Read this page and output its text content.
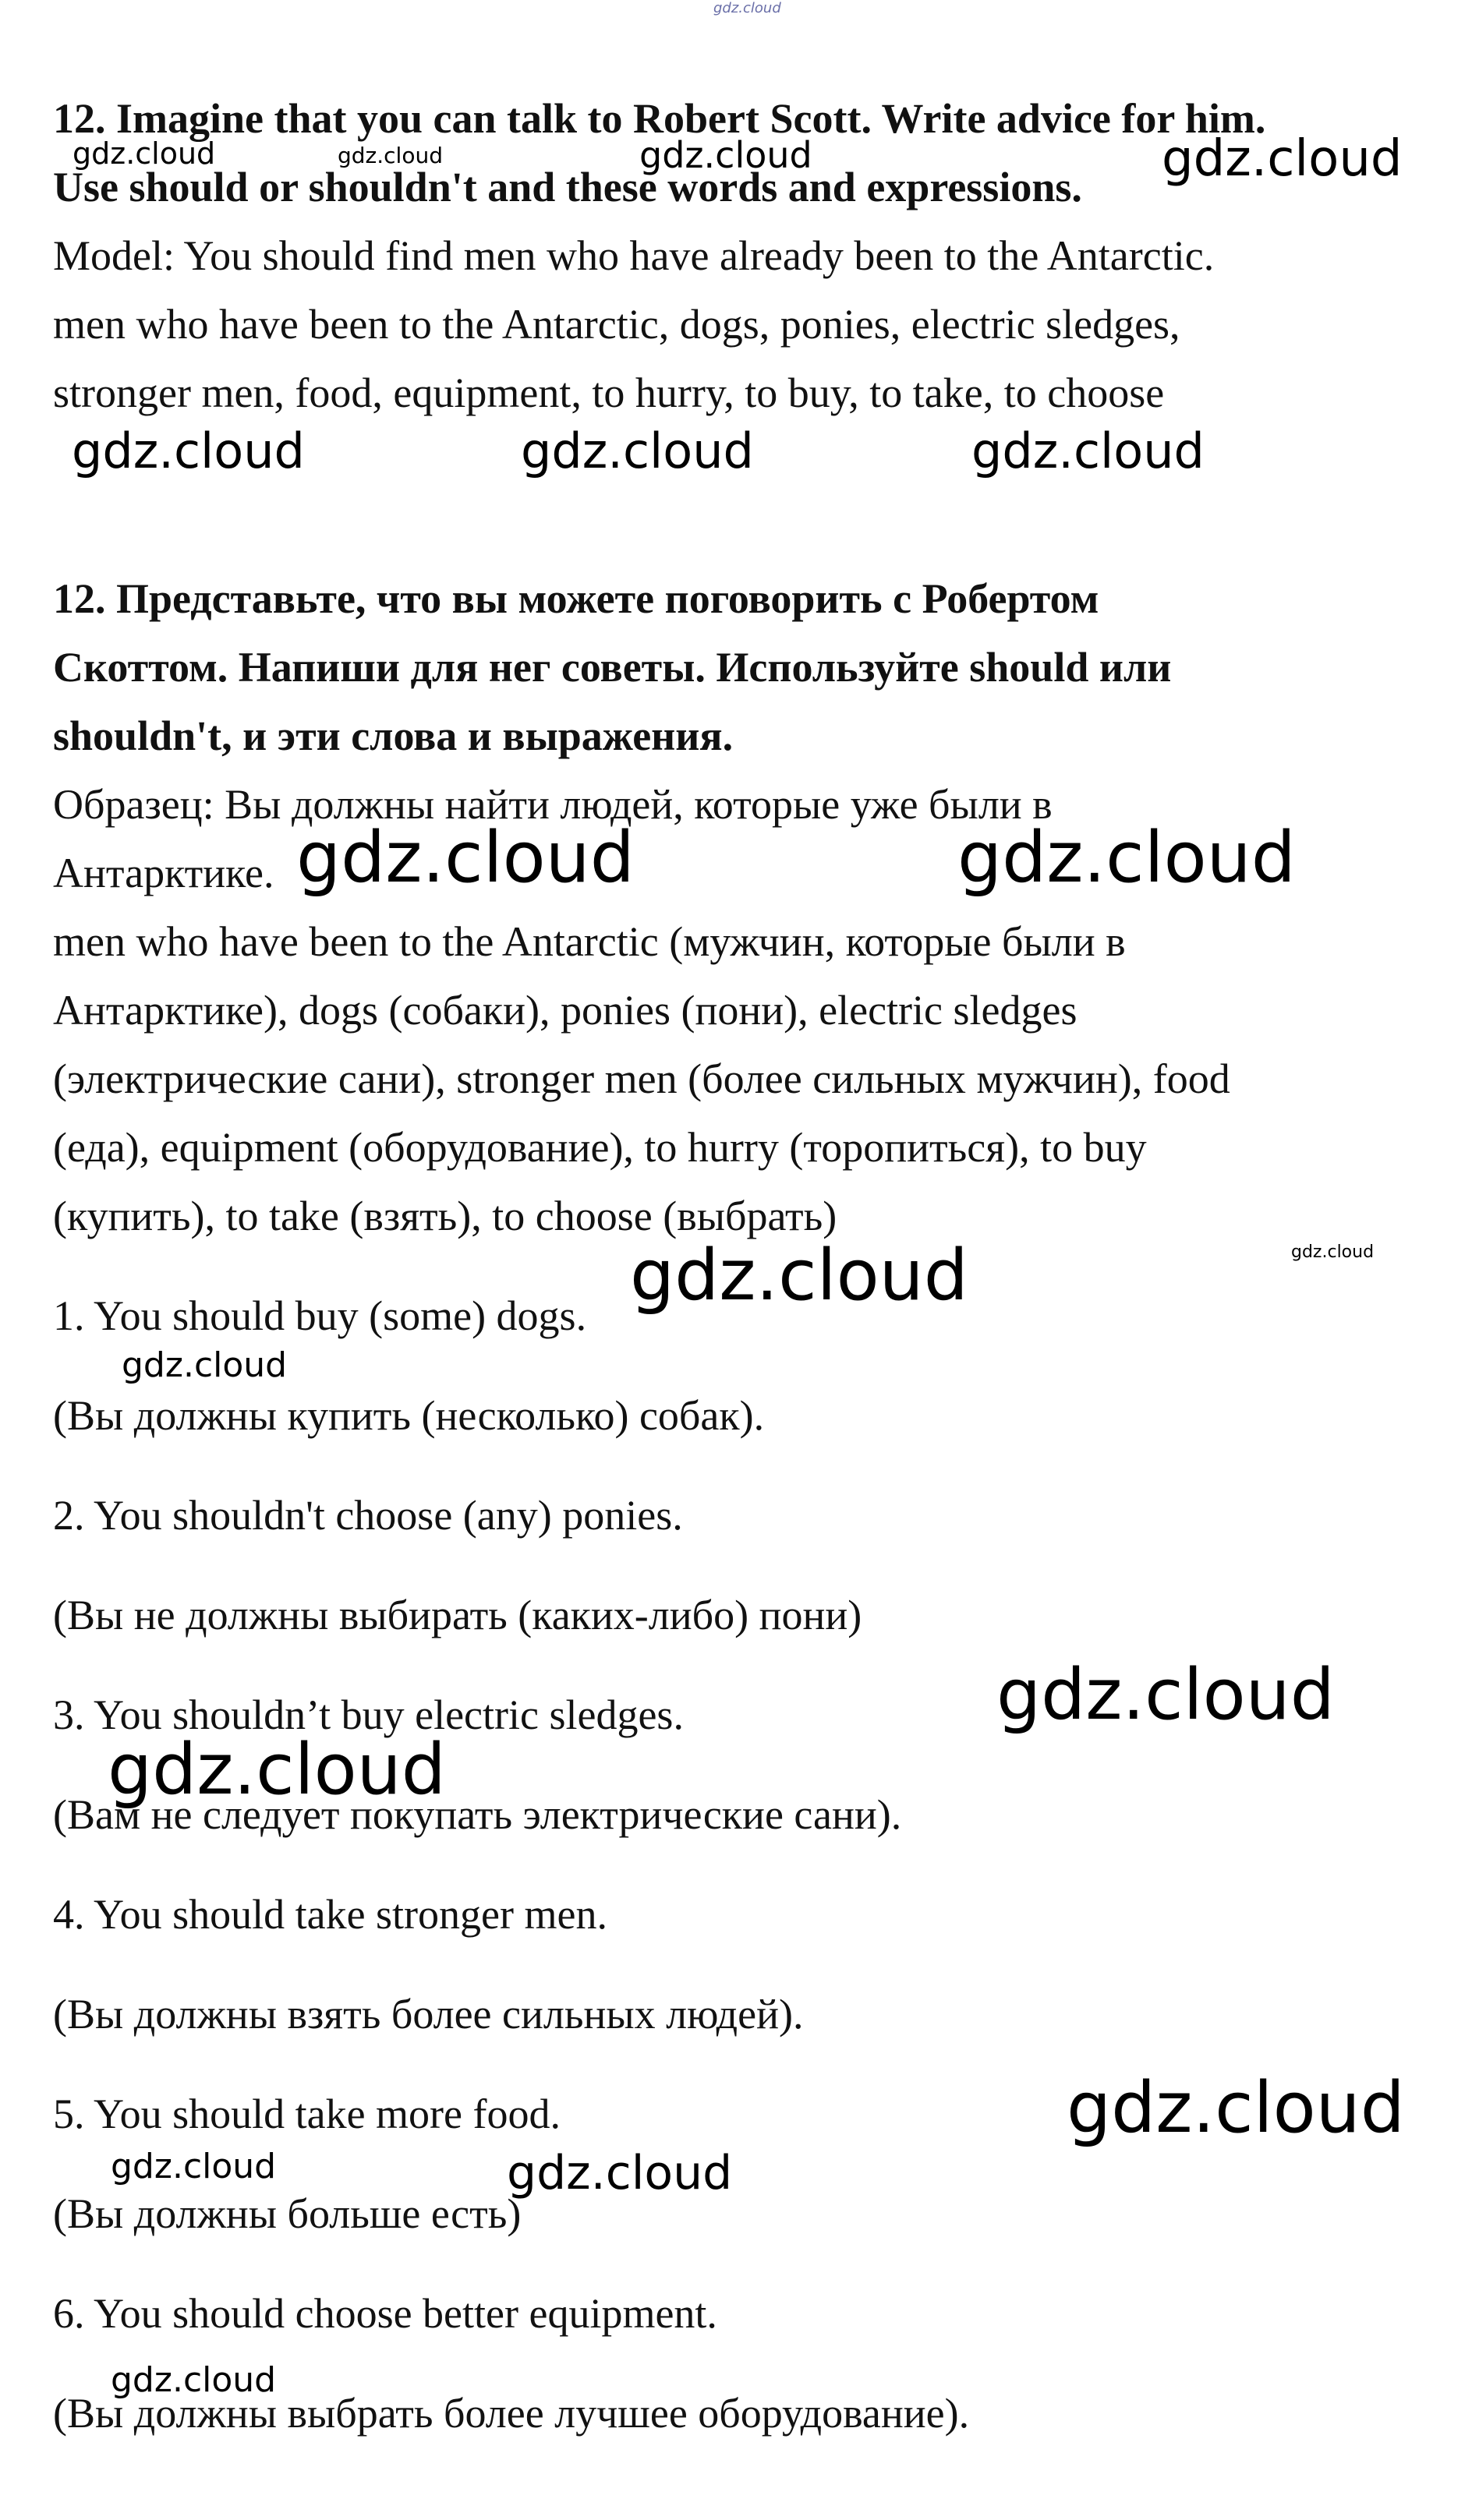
12. Imagine that you can talk to Robert Scott. Write advice for him.

Use should or shouldn't and these words and expressions.

Model: You should find men who have already been to the Antarctic.

men who have been to the Antarctic, dogs, ponies, electric sledges,

stronger men, food, equipment, to hurry, to buy, to take, to choose

12. Представьте, что вы можете поговорить с Робертом

Скоттом. Напиши для нег советы. Используйте should или

shouldn't, и эти слова и выражения.

Образец: Вы должны найти людей, которые уже были в

Антарктике.

men who have been to the Antarctic (мужчин, которые были в

Антарктике), dogs (собаки), ponies (пони), electric sledges

(электрические сани), stronger men (более сильных мужчин), food

(еда), equipment (оборудование), to hurry (торопиться), to buy

(купить), to take (взять), to choose (выбрать)

1. You should buy (some) dogs.

(Вы должны купить (несколько) собак).

2. You shouldn't choose (any) ponies.

(Вы не должны выбирать (каких-либо) пони)

3. You shouldn’t buy electric sledges.

(Вам не следует покупать электрические сани).

4. You should take stronger men.

(Вы должны взять более сильных людей).

5. You should take more food.

(Вы должны больше есть)

6. You should choose better equipment.

(Вы должны выбрать более лучшее оборудование).

gdz.cloud
gdz.cloud	gdz.cloud	gdz.cloud	gdz.cloud
gdz.cloud	gdz.cloud	gdz.cloud
gdz.cloud	gdz.cloud
gdz.cloud
gdz.cloud
gdz.cloud
gdz.cloud
gdz.cloud
gdz.cloud
gdz.cloud	gdz.cloud
gdz.cloud
